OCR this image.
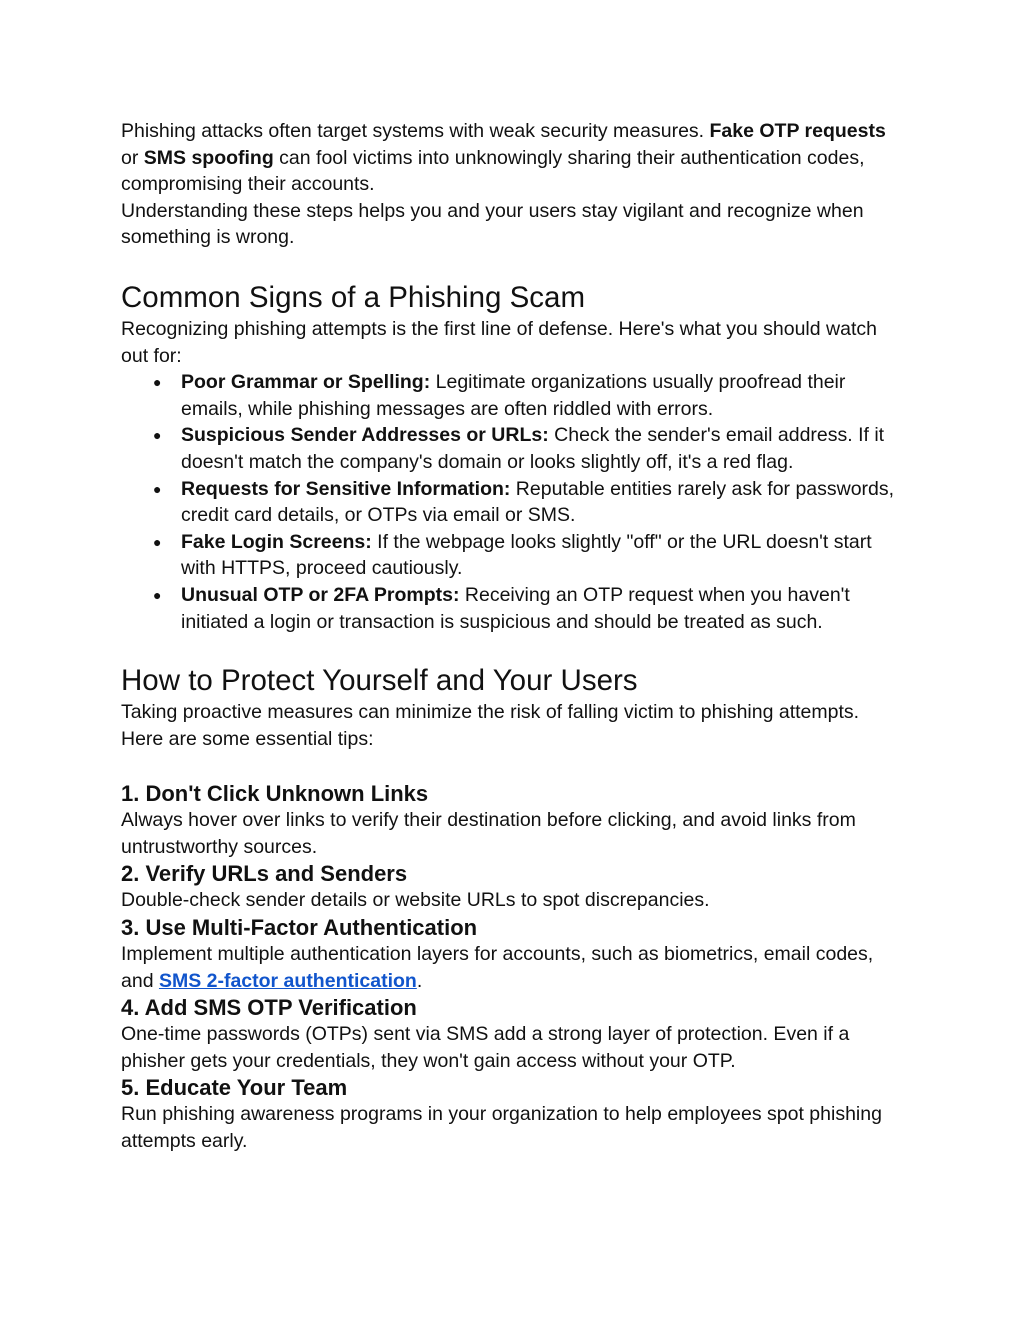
Phishing attacks often target systems with weak security measures. Fake OTP requests or SMS spoofing can fool victims into unknowingly sharing their authentication codes, compromising their accounts.

Understanding these steps helps you and your users stay vigilant and recognize when something is wrong.

Common Signs of a Phishing Scam

Recognizing phishing attempts is the first line of defense. Here's what you should watch out for:

● Poor Grammar or Spelling: Legitimate organizations usually proofread their emails, while phishing messages are often riddled with errors.
● Suspicious Sender Addresses or URLs: Check the sender's email address. If it doesn't match the company's domain or looks slightly off, it's a red flag.
● Requests for Sensitive Information: Reputable entities rarely ask for passwords, credit card details, or OTPs via email or SMS.
● Fake Login Screens: If the webpage looks slightly "off" or the URL doesn't start with HTTPS, proceed cautiously.
● Unusual OTP or 2FA Prompts: Receiving an OTP request when you haven't initiated a login or transaction is suspicious and should be treated as such.
How to Protect Yourself and Your Users

Taking proactive measures can minimize the risk of falling victim to phishing attempts. Here are some essential tips:

1. Don't Click Unknown Links

Always hover over links to verify their destination before clicking, and avoid links from untrustworthy sources.

2. Verify URLs and Senders

Double-check sender details or website URLs to spot discrepancies.

3. Use Multi-Factor Authentication

Implement multiple authentication layers for accounts, such as biometrics, email codes, and SMS 2-factor authentication.

4. Add SMS OTP Verification

One-time passwords (OTPs) sent via SMS add a strong layer of protection. Even if a phisher gets your credentials, they won't gain access without your OTP.

5. Educate Your Team

Run phishing awareness programs in your organization to help employees spot phishing attempts early.
